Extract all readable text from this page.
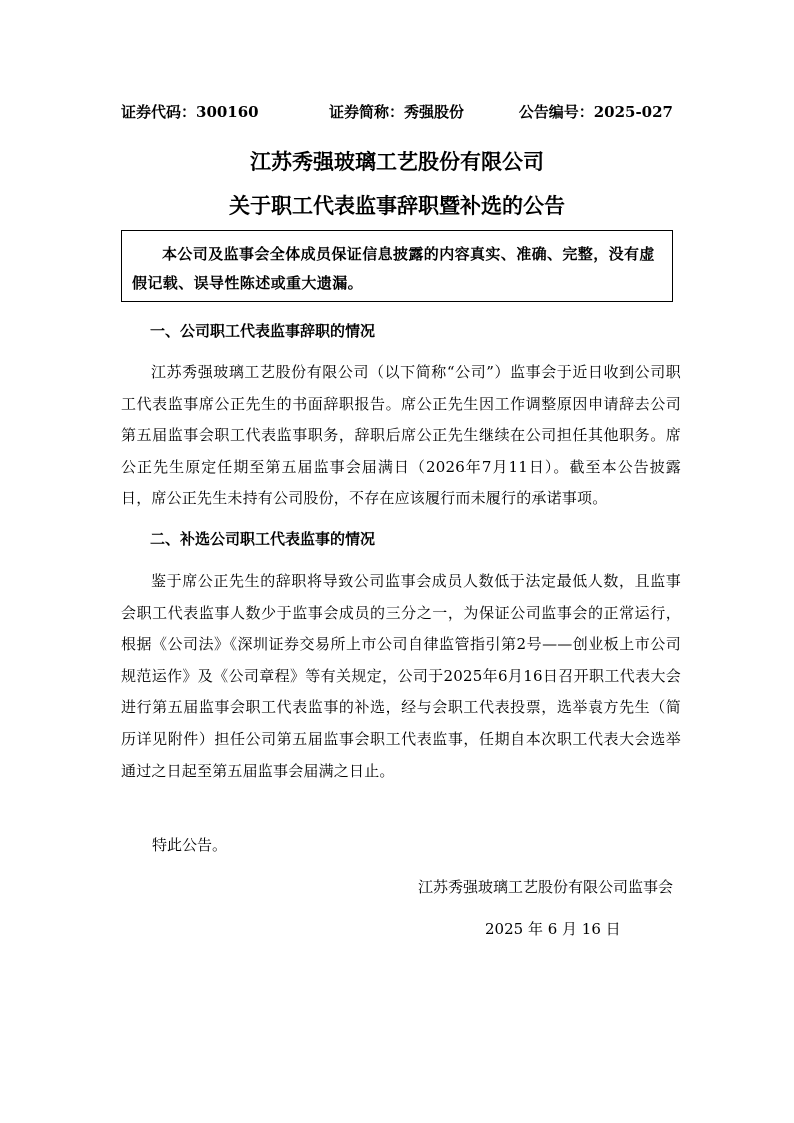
证券代码：300160	证券简称：秀强股份	公告编号：2025-027
江苏秀强玻璃工艺股份有限公司
关于职工代表监事辞职暨补选的公告
本公司及监事会全体成员保证信息披露的内容真实、准确、完整，没有虚假记载、误导性陈述或重大遗漏。
一、公司职工代表监事辞职的情况
江苏秀强玻璃工艺股份有限公司（以下简称“公司”）监事会于近日收到公司职工代表监事席公正先生的书面辞职报告。席公正先生因工作调整原因申请辞去公司第五届监事会职工代表监事职务，辞职后席公正先生继续在公司担任其他职务。席公正先生原定任期至第五届监事会届满日（2026年7月11日）。截至本公告披露日，席公正先生未持有公司股份，不存在应该履行而未履行的承诺事项。
二、补选公司职工代表监事的情况
鉴于席公正先生的辞职将导致公司监事会成员人数低于法定最低人数，且监事会职工代表监事人数少于监事会成员的三分之一，为保证公司监事会的正常运行，根据《公司法》《深圳证券交易所上市公司自律监管指引第2号——创业板上市公司规范运作》及《公司章程》等有关规定，公司于2025年6月16日召开职工代表大会进行第五届监事会职工代表监事的补选，经与会职工代表投票，选举袁方先生（简历详见附件）担任公司第五届监事会职工代表监事，任期自本次职工代表大会选举通过之日起至第五届监事会届满之日止。
特此公告。
江苏秀强玻璃工艺股份有限公司监事会
2025 年 6 月 16 日
